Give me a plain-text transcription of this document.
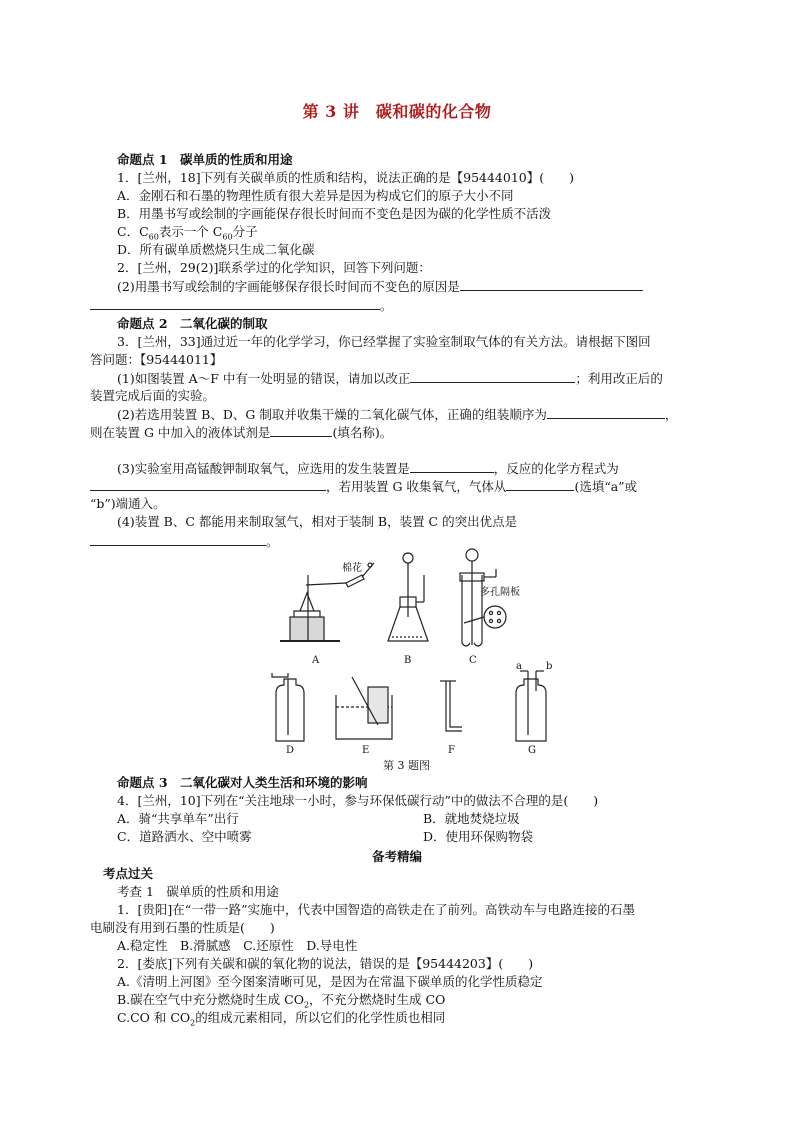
第 3 讲　碳和碳的化合物
命题点 1　碳单质的性质和用途
1．[兰州，18]下列有关碳单质的性质和结构，说法正确的是【95444010】(　　)
A．金刚石和石墨的物理性质有很大差异是因为构成它们的原子大小不同
B．用墨书写或绘制的字画能保存很长时间而不变色是因为碳的化学性质不活泼
C．$C_{60}$表示一个 $C_{60}$分子
D．所有碳单质燃烧只生成二氧化碳
2．[兰州，29(2)]联系学过的化学知识，回答下列问题：
(2)用墨书写或绘制的字画能够保存很长时间而不变色的原因是
。
命题点 2　二氧化碳的制取
3．[兰州，33]通过近一年的化学学习，你已经掌握了实验室制取气体的有关方法。请根据下图回
答问题：【95444011】
(1)如图装置 A～F 中有一处明显的错误，请加以改正	；利用改正后的
装置完成后面的实验。
(2)若选用装置 B、D、G 制取并收集干燥的二氧化碳气体，正确的组装顺序为	，
则在装置 G 中加入的液体试剂是	(填名称)。
(3)实验室用高锰酸钾制取氧气，应选用的发生装置是	，反应的化学方程式为
，若用装置 G 收集氧气，气体从	(选填“a”或
“b”)端通入。
(4)装置 B、C 都能用来制取氢气，相对于装制 B，装置 C 的突出优点是
。
棉花
多孔隔板
A	B	C
D	E	F	G
a b
第 3 题图
命题点 3　二氧化碳对人类生活和环境的影响
4．[兰州，10]下列在“关注地球一小时，参与环保低碳行动”中的做法不合理的是(　　)
A．骑“共享单车”出行	B．就地焚烧垃圾
C．道路洒水、空中喷雾	D．使用环保购物袋
备考精编
考点过关
考查 1　碳单质的性质和用途
1．[贵阳]在“一带一路”实施中，代表中国智造的高铁走在了前列。高铁动车与电路连接的石墨
电刷没有用到石墨的性质是(　　)
A.稳定性　B.滑腻感　C.还原性　D.导电性
2．[娄底]下列有关碳和碳的氧化物的说法，错误的是【95444203】(　　)
A.《清明上河图》至今图案清晰可见，是因为在常温下碳单质的化学性质稳定
B.碳在空气中充分燃烧时生成 $CO_2$，不充分燃烧时生成 CO
C.CO 和 $CO_2$的组成元素相同，所以它们的化学性质也相同
